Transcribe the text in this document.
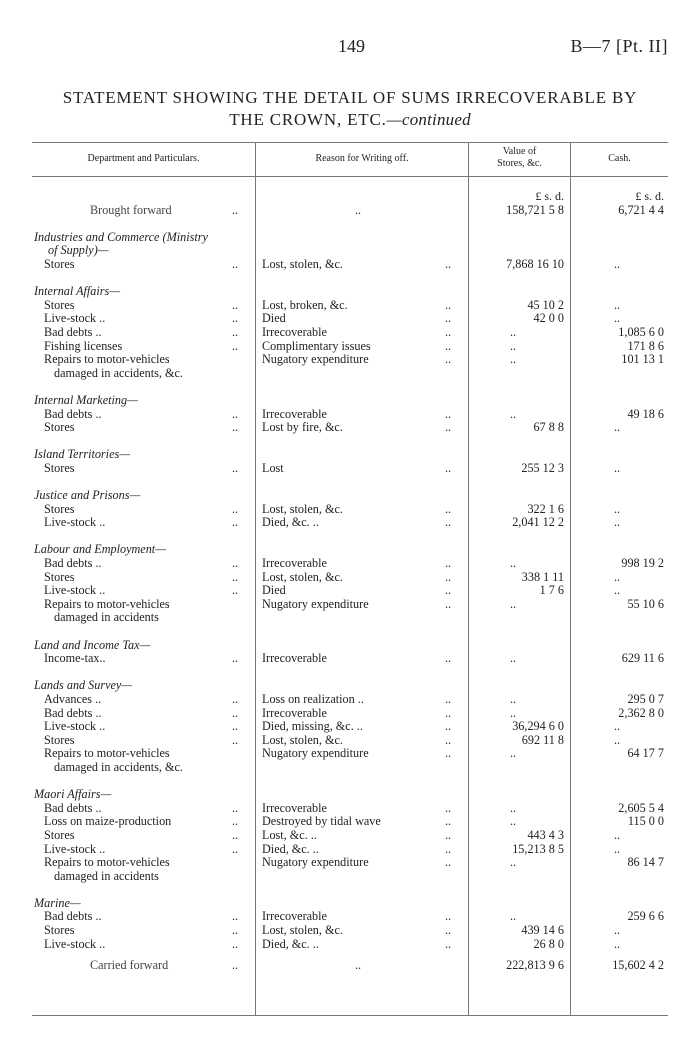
149	B—7 [Pt. II]
STATEMENT SHOWING THE DETAIL OF SUMS IRRECOVERABLE BY
THE CROWN, ETC.—continued
Department and Particulars.	Reason for Writing off.
Value of
Stores, &c.	Cash.
£ s. d.	£ s. d.
Brought forward	..	..	158,721 5 8	6,721 4 4
Industries and Commerce (Ministry
of Supply)—
Stores	.. Lost, stolen, &c.	..	7,868 16 10	..
Internal Affairs—
Stores	.. Lost, broken, &c.	..	45 10 2	..
Live-stock ..	.. Died	..	42 0 0	..
Bad debts ..	.. Irrecoverable	..	..	1,085 6 0
Fishing licenses	.. Complimentary issues	..	..	171 8 6
Repairs to motor-vehicles	Nugatory expenditure	..	..	101 13 1
damaged in accidents, &c.
Internal Marketing—
Bad debts ..	.. Irrecoverable	..	..	49 18 6
Stores	.. Lost by fire, &c.	..	67 8 8	..
Island Territories—
Stores	.. Lost	..	255 12 3	..
Justice and Prisons—
Stores	.. Lost, stolen, &c.	..	322 1 6	..
Live-stock ..	.. Died, &c. ..	..	2,041 12 2	..
Labour and Employment—
Bad debts ..	.. Irrecoverable	..	..	998 19 2
Stores	.. Lost, stolen, &c.	..	338 1 11	..
Live-stock ..	.. Died	..	1 7 6	..
Repairs to motor-vehicles	Nugatory expenditure	..	..	55 10 6
damaged in accidents
Land and Income Tax—
Income-tax..	.. Irrecoverable	..	..	629 11 6
Lands and Survey—
Advances ..	.. Loss on realization ..	..	..	295 0 7
Bad debts ..	.. Irrecoverable	..	..	2,362 8 0
Live-stock ..	.. Died, missing, &c. ..	..	36,294 6 0	..
Stores	.. Lost, stolen, &c.	..	692 11 8	..
Repairs to motor-vehicles	Nugatory expenditure	..	..	64 17 7
damaged in accidents, &c.
Maori Affairs—
Bad debts ..	.. Irrecoverable	..	..	2,605 5 4
Loss on maize-production	.. Destroyed by tidal wave	..	..	115 0 0
Stores	.. Lost, &c. ..	..	443 4 3	..
Live-stock ..	.. Died, &c. ..	..	15,213 8 5	..
Repairs to motor-vehicles	Nugatory expenditure	..	..	86 14 7
damaged in accidents
Marine—
Bad debts ..	.. Irrecoverable	..	..	259 6 6
Stores	.. Lost, stolen, &c.	..	439 14 6	..
Live-stock ..	.. Died, &c. ..	..	26 8 0	..
Carried forward	..	..	222,813 9 6	15,602 4 2
